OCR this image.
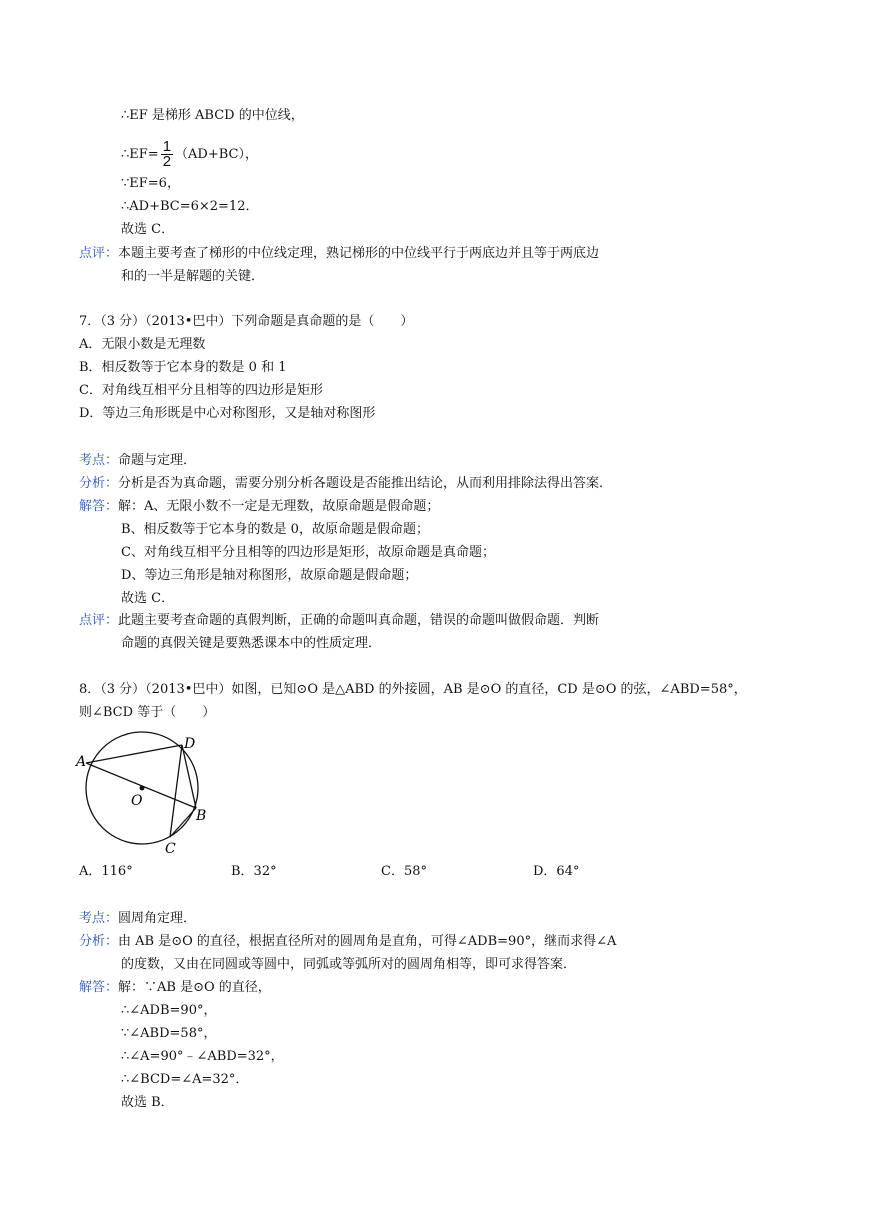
∴EF 是梯形 ABCD 的中位线，
∴EF= $\frac{1}{2} (AD+BC)$，
∵EF=6，
∴AD+BC=6×2=12．
故选 C．
点评：本题主要考查了梯形的中位线定理，熟记梯形的中位线平行于两底边并且等于两底边
和的一半是解题的关键．
7．（3 分）（2013•巴中）下列命题是真命题的是（　　）
A．无限小数是无理数
B．相反数等于它本身的数是 0 和 1
C．对角线互相平分且相等的四边形是矩形
D．等边三角形既是中心对称图形，又是轴对称图形
考点：命题与定理．
分析：分析是否为真命题，需要分别分析各题设是否能推出结论，从而利用排除法得出答案．
解答：解：A、无限小数不一定是无理数，故原命题是假命题；
B、相反数等于它本身的数是 0，故原命题是假命题；
C、对角线互相平分且相等的四边形是矩形，故原命题是真命题；
D、等边三角形是轴对称图形，故原命题是假命题；
故选 C．
点评：此题主要考查命题的真假判断，正确的命题叫真命题，错误的命题叫做假命题．判断
命题的真假关键是要熟悉课本中的性质定理．
8．（3 分）（2013•巴中）如图，已知⊙O 是△ABD 的外接圆，AB 是⊙O 的直径，CD 是⊙O 的弦，∠ABD=58°，
则∠BCD 等于（　　）
A
D
O
B
C
A．116°	B．32°	C．58°	D．64°
考点：圆周角定理．
分析：由 AB 是⊙O 的直径，根据直径所对的圆周角是直角，可得∠ADB=90°，继而求得∠A
的度数，又由在同圆或等圆中，同弧或等弧所对的圆周角相等，即可求得答案．
解答：解：∵AB 是⊙O 的直径，
∴∠ADB=90°，
∵∠ABD=58°，
∴∠A=90°﹣∠ABD=32°，
∴∠BCD=∠A=32°．
故选 B．
